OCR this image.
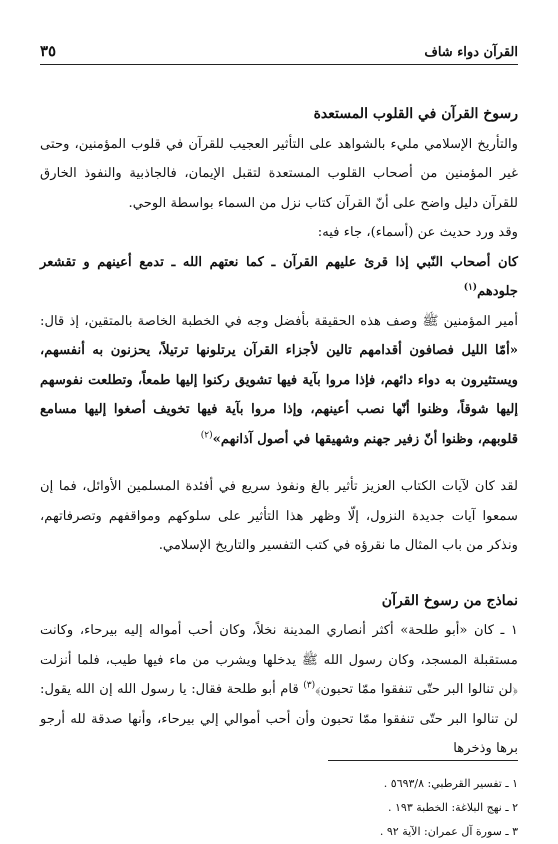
القرآن دواء شاف
٣٥

رسوخ القرآن في القلوب المستعدة

والتأريخ الإسلامي مليء بالشواهد على التأثير العجيب للقرآن في قلوب المؤمنين، وحتى غير المؤمنين من أصحاب القلوب المستعدة لتقبل الإيمان، فالجاذبية والنفوذ الخارق للقرآن دليل واضح على أنّ القرآن كتاب نزل من السماء بواسطة الوحي.

وقد ورد حديث عن (أسماء)، جاء فيه:

كان أصحاب النّبي إذا قرئ عليهم القرآن ـ كما نعتهم الله ـ تدمع أعينهم و تقشعر جلودهم$^{(١)}$

أمير المؤمنين ﷺ وصف هذه الحقيقة بأفضل وجه في الخطبة الخاصة بالمتقين، إذ قال: «أمّا الليل فصافون أقدامهم تالين لأجزاء القرآن يرتلونها ترتيلاً، يحزنون به أنفسهم، ويستثيرون به دواء دائهم، فإذا مروا بآية فيها تشويق ركنوا إليها طمعاً، وتطلعت نفوسهم إليها شوقاً، وظنوا أنّها نصب أعينهم، وإذا مروا بآية فيها تخويف أصغوا إليها مسامع قلوبهم، وظنوا أنّ زفير جهنم وشهيقها في أصول آذانهم»$^{(٢)}$

لقد كان لآيات الكتاب العزيز تأثير بالغ ونفوذ سريع في أفئدة المسلمين الأوائل، فما إن سمعوا آيات جديدة النزول، إلّا وظهر هذا التأثير على سلوكهم ومواقفهم وتصرفاتهم، ونذكر من باب المثال ما نقرؤه في كتب التفسير والتاريخ الإسلامي.

نماذج من رسوخ القرآن

١ ـ كان «أبو طلحة» أكثر أنصاري المدينة نخلاً، وكان أحب أمواله إليه بيرحاء، وكانت مستقبلة المسجد، وكان رسول الله ﷺ يدخلها ويشرب من ماء فيها طيب، فلما أنزلت ﴿لن تنالوا البر حتّى تنفقوا ممّا تحبون﴾$^{(٣)}$ قام أبو طلحة فقال: يا رسول الله إن الله يقول: لن تنالوا البر حتّى تنفقوا ممّا تحبون وأن أحب أموالي إلي بيرحاء، وأنها صدقة لله أرجو برها وذخرها

١ ـ تفسير القرطبي: ٥٦٩٣/٨ .

٢ ـ نهج البلاغة: الخطبة ١٩٣ .

٣ ـ سورة آل عمران: الآية ٩٢ .
